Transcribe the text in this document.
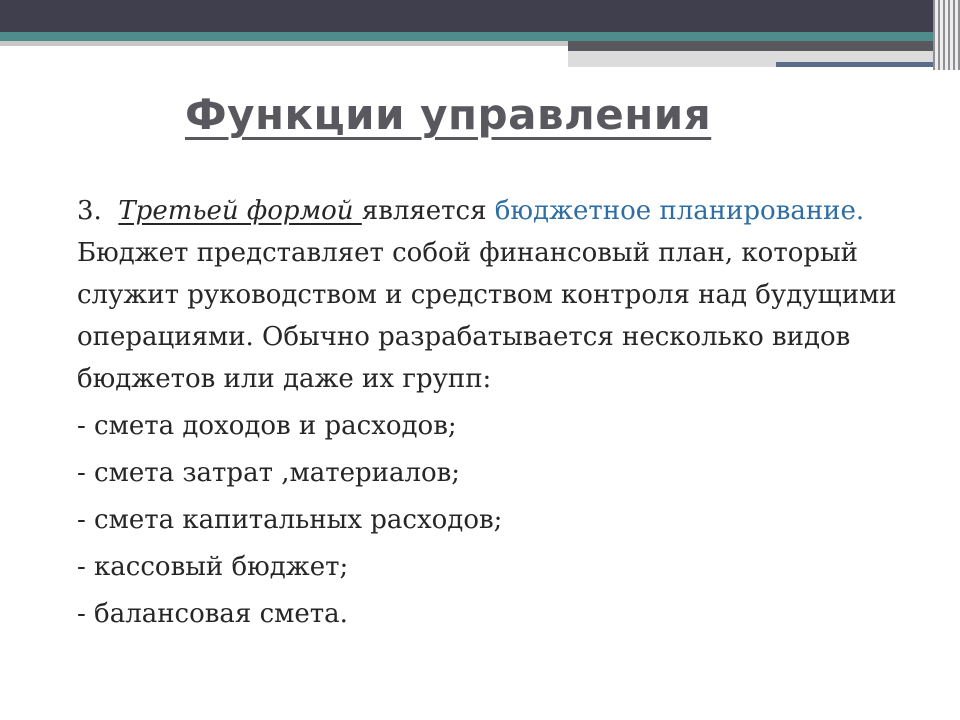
Функции управления

3. Третьей формой является бюджетное планирование. Бюджет представляет собой финансовый план, который служит руководством и средством контроля над будущими операциями. Обычно разрабатывается несколько видов бюджетов или даже их групп:

- смета доходов и расходов;

- смета затрат ,материалов;

- смета капитальных расходов;

- кассовый бюджет;

- балансовая смета.
